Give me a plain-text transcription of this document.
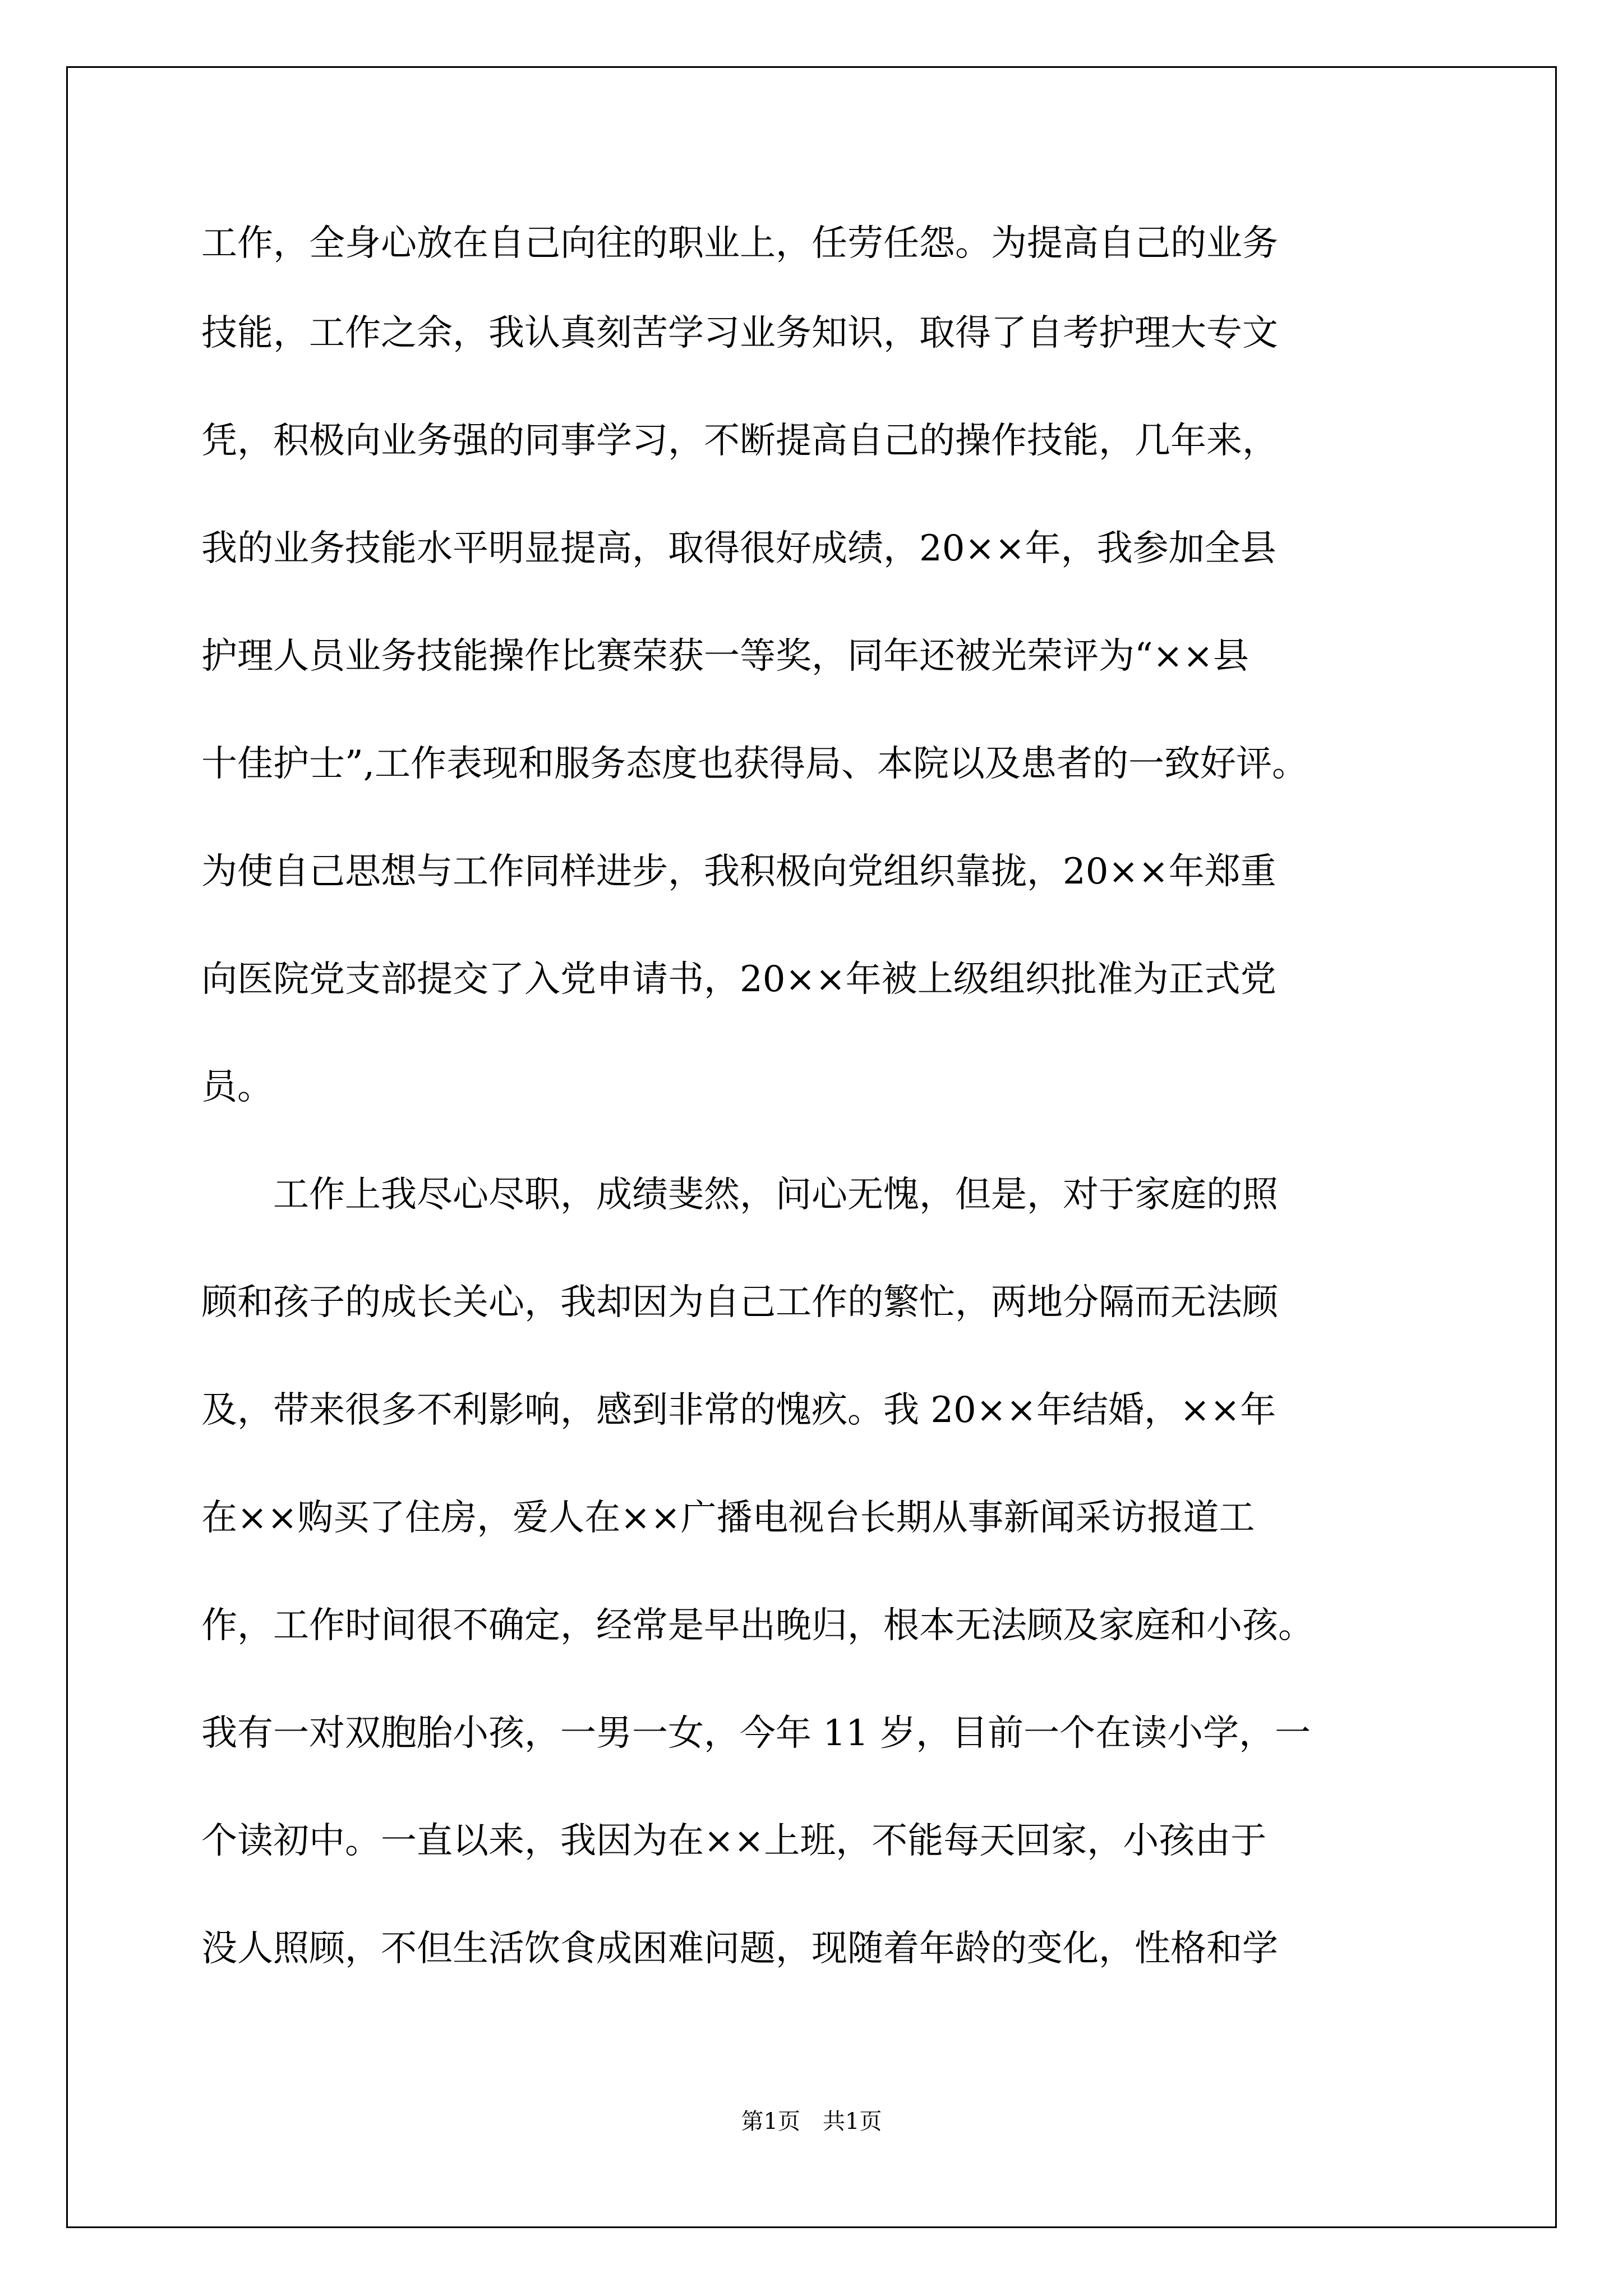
工作，全身心放在自己向往的职业上，任劳任怨。为提高自己的业务
技能，工作之余，我认真刻苦学习业务知识，取得了自考护理大专文
凭，积极向业务强的同事学习，不断提高自己的操作技能，几年来，
我的业务技能水平明显提高，取得很好成绩，20××年，我参加全县
护理人员业务技能操作比赛荣获一等奖，同年还被光荣评为“××县
十佳护士”,工作表现和服务态度也获得局、本院以及患者的一致好评。
为使自己思想与工作同样进步，我积极向党组织靠拢，20××年郑重
向医院党支部提交了入党申请书，20××年被上级组织批准为正式党
员。
工作上我尽心尽职，成绩斐然，问心无愧，但是，对于家庭的照
顾和孩子的成长关心，我却因为自己工作的繁忙，两地分隔而无法顾
及，带来很多不利影响，感到非常的愧疚。我 20××年结婚，××年
在××购买了住房，爱人在××广播电视台长期从事新闻采访报道工
作，工作时间很不确定，经常是早出晚归，根本无法顾及家庭和小孩。
我有一对双胞胎小孩，一男一女，今年 11 岁，目前一个在读小学，一
个读初中。一直以来，我因为在××上班，不能每天回家，小孩由于
没人照顾，不但生活饮食成困难问题，现随着年龄的变化，性格和学
第1页 共1页
